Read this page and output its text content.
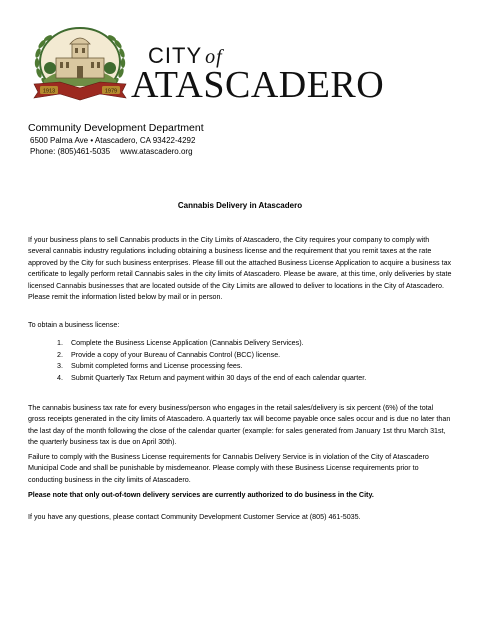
1913	1979
CITY of
ATASCADERO
Community Development Department
6500 Palma Ave • Atascadero, CA 93422-4292
Phone: (805)461-5035 www.atascadero.org
Cannabis Delivery in Atascadero
If your business plans to sell Cannabis products in the City Limits of Atascadero, the City requires your company to comply with several cannabis industry regulations including obtaining a business license and the requirement that you remit taxes at the rate approved by the City for such business enterprises. Please fill out the attached Business License Application to acquire a business tax certificate to legally perform retail Cannabis sales in the city limits of Atascadero. Please be aware, at this time, only deliveries by state licensed Cannabis businesses that are located outside of the City Limits are allowed to deliver to locations in the City of Atascadero. Please remit the information listed below by mail or in person.
To obtain a business license:
1. Complete the Business License Application (Cannabis Delivery Services).
2. Provide a copy of your Bureau of Cannabis Control (BCC) license.
3. Submit completed forms and License processing fees.
4. Submit Quarterly Tax Return and payment within 30 days of the end of each calendar quarter.
The cannabis business tax rate for every business/person who engages in the retail sales/delivery is six percent (6%) of the total gross receipts generated in the city limits of Atascadero. A quarterly tax will become payable once sales occur and is due no later than the last day of the month following the close of the calendar quarter (example: for sales generated from January 1st thru March 31st, the quarterly business tax is due on April 30th).
Failure to comply with the Business License requirements for Cannabis Delivery Service is in violation of the City of Atascadero Municipal Code and shall be punishable by misdemeanor. Please comply with these Business License requirements prior to conducting business in the city limits of Atascadero.
Please note that only out-of-town delivery services are currently authorized to do business in the City.
If you have any questions, please contact Community Development Customer Service at (805) 461-5035.
